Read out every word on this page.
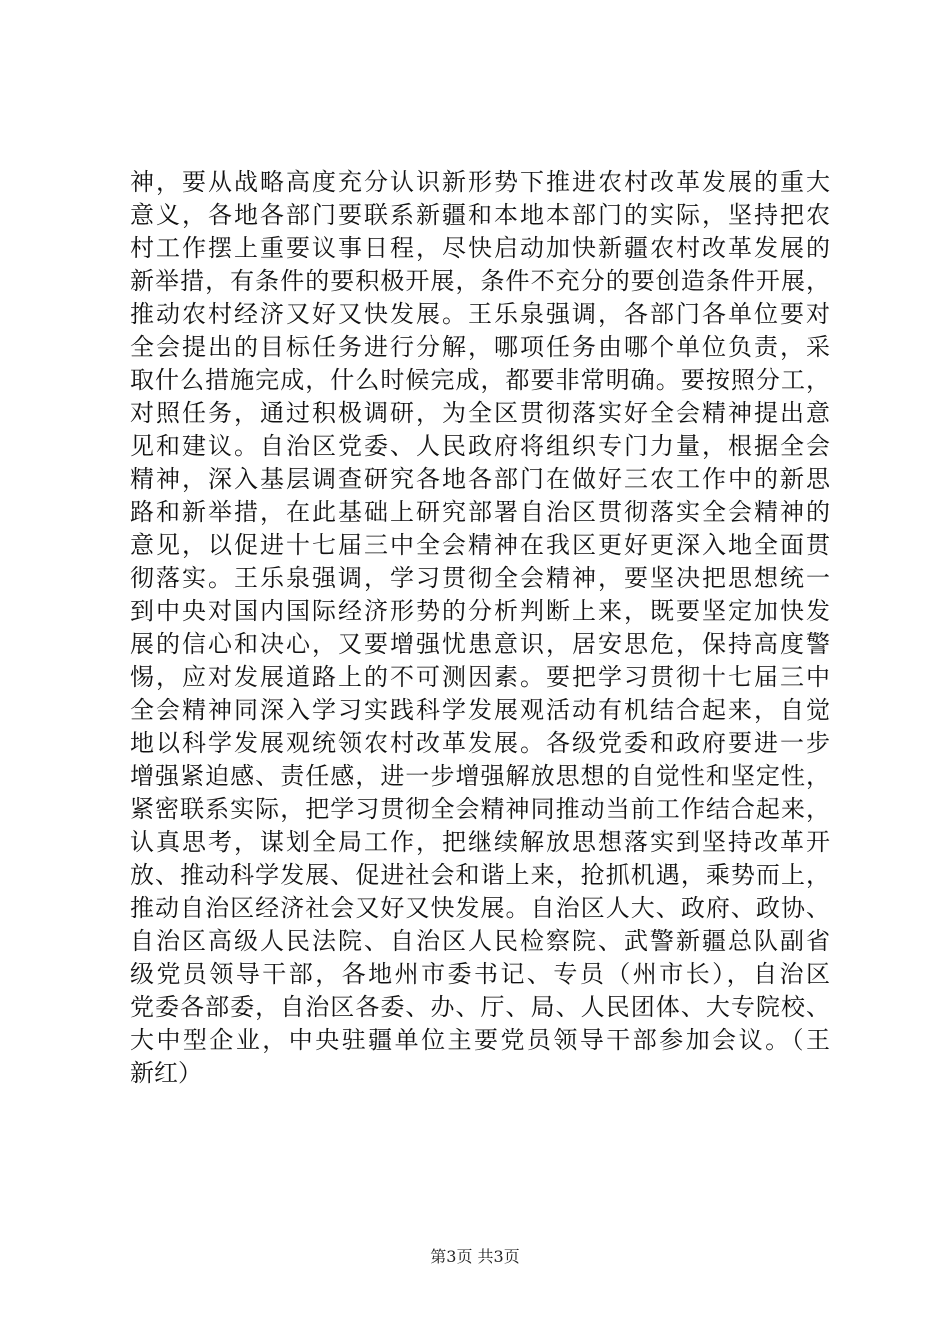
神，要从战略高度充分认识新形势下推进农村改革发展的重大
意义，各地各部门要联系新疆和本地本部门的实际，坚持把农
村工作摆上重要议事日程，尽快启动加快新疆农村改革发展的
新举措，有条件的要积极开展，条件不充分的要创造条件开展，
推动农村经济又好又快发展。王乐泉强调，各部门各单位要对
全会提出的目标任务进行分解，哪项任务由哪个单位负责，采
取什么措施完成，什么时候完成，都要非常明确。要按照分工，
对照任务，通过积极调研，为全区贯彻落实好全会精神提出意
见和建议。自治区党委、人民政府将组织专门力量，根据全会
精神，深入基层调查研究各地各部门在做好三农工作中的新思
路和新举措，在此基础上研究部署自治区贯彻落实全会精神的
意见，以促进十七届三中全会精神在我区更好更深入地全面贯
彻落实。王乐泉强调，学习贯彻全会精神，要坚决把思想统一
到中央对国内国际经济形势的分析判断上来，既要坚定加快发
展的信心和决心，又要增强忧患意识，居安思危，保持高度警
惕，应对发展道路上的不可测因素。要把学习贯彻十七届三中
全会精神同深入学习实践科学发展观活动有机结合起来，自觉
地以科学发展观统领农村改革发展。各级党委和政府要进一步
增强紧迫感、责任感，进一步增强解放思想的自觉性和坚定性，
紧密联系实际，把学习贯彻全会精神同推动当前工作结合起来，
认真思考，谋划全局工作，把继续解放思想落实到坚持改革开
放、推动科学发展、促进社会和谐上来，抢抓机遇，乘势而上，
推动自治区经济社会又好又快发展。自治区人大、政府、政协、
自治区高级人民法院、自治区人民检察院、武警新疆总队副省
级党员领导干部，各地州市委书记、专员（州市长），自治区
党委各部委，自治区各委、办、厅、局、人民团体、大专院校、
大中型企业，中央驻疆单位主要党员领导干部参加会议。（王
新红）
第3页 共3页
